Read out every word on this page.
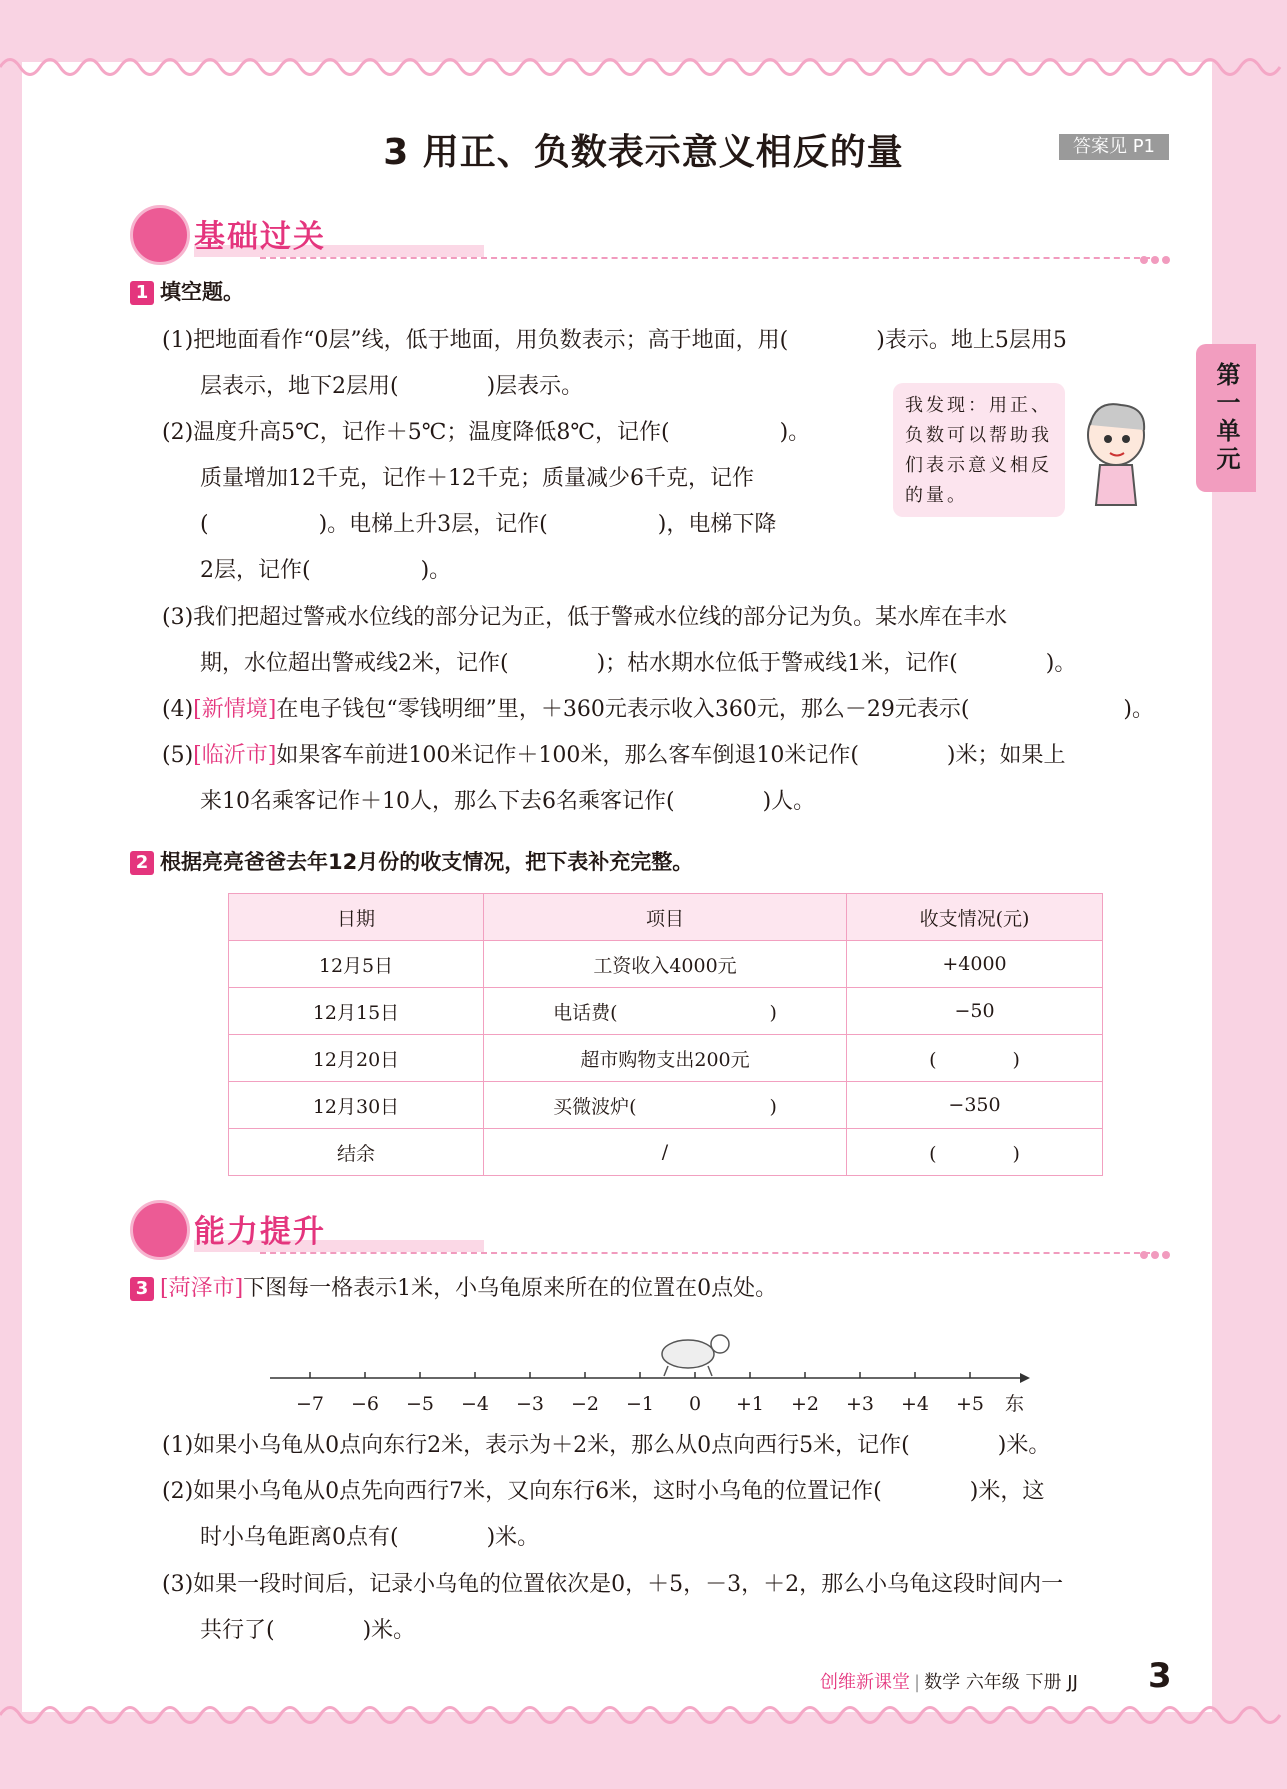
3 用正、负数表示意义相反的量	答案见 P1
第一单元
基础过关
1 填空题。
(1)把地面看作“0层”线，低于地面，用负数表示；高于地面，用(　　　　)表示。地上5层用5
层表示，地下2层用(　　　　)层表示。
(2)温度升高5℃，记作＋5℃；温度降低8℃，记作(　　　　　)。
质量增加12千克，记作＋12千克；质量减少6千克，记作
(　　　　　)。电梯上升3层，记作(　　　　　)，电梯下降
2层，记作(　　　　　)。
(3)我们把超过警戒水位线的部分记为正，低于警戒水位线的部分记为负。某水库在丰水
期，水位超出警戒线2米，记作(　　　　)；枯水期水位低于警戒线1米，记作(　　　　)。
(4)[新情境]在电子钱包“零钱明细”里，＋360元表示收入360元，那么－29元表示(　　　　　　　)。
(5)[临沂市]如果客车前进100米记作＋100米，那么客车倒退10米记作(　　　　)米；如果上
来10名乘客记作＋10人，那么下去6名乘客记作(　　　　)人。
我发现：用正、负数可以帮助我们表示意义相反的量。
2 根据亮亮爸爸去年12月份的收支情况，把下表补充完整。
日期	项目	收支情况(元)
12月5日	工资收入4000元	+4000
12月15日	电话费(　　　　　　　　)	−50
12月20日	超市购物支出200元	(　　　　)
12月30日	买微波炉(　　　　　　　)	−350
结余	/	(　　　　)
能力提升
3 [菏泽市]下图每一格表示1米，小乌龟原来所在的位置在0点处。
−7 −6 −5 −4 −3 −2 −1 0 +1 +2 +3 +4 +5 东
(1)如果小乌龟从0点向东行2米，表示为＋2米，那么从0点向西行5米，记作(　　　　)米。
(2)如果小乌龟从0点先向西行7米，又向东行6米，这时小乌龟的位置记作(　　　　)米，这
时小乌龟距离0点有(　　　　)米。
(3)如果一段时间后，记录小乌龟的位置依次是0，＋5，－3，＋2，那么小乌龟这段时间内一
共行了(　　　　)米。
创维新课堂 | 数学 六年级 下册 JJ 3
